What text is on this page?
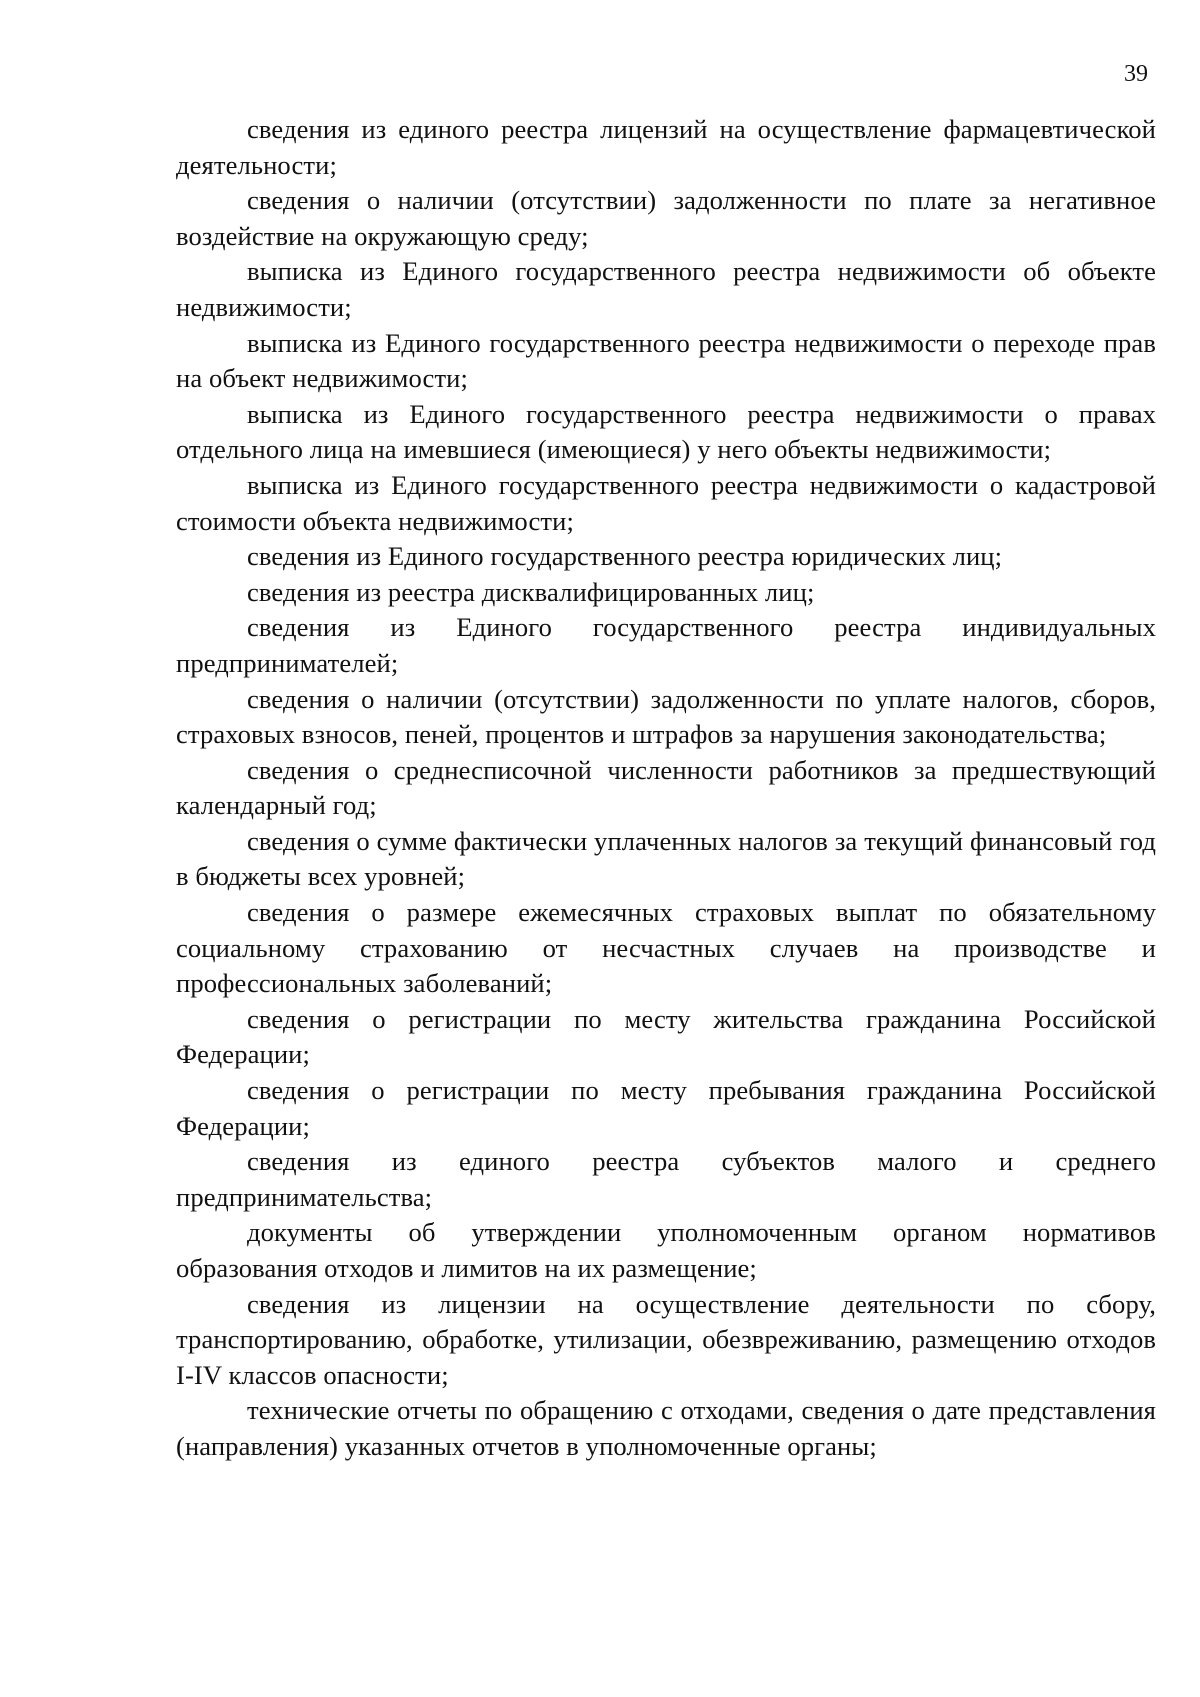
39

сведения из единого реестра лицензий на осуществление фармацевтической деятельности;

сведения о наличии (отсутствии) задолженности по плате за негативное воздействие на окружающую среду;

выписка из Единого государственного реестра недвижимости об объекте недвижимости;

выписка из Единого государственного реестра недвижимости о переходе прав на объект недвижимости;

выписка из Единого государственного реестра недвижимости о правах отдельного лица на имевшиеся (имеющиеся) у него объекты недвижимости;

выписка из Единого государственного реестра недвижимости о кадастровой стоимости объекта недвижимости;

сведения из Единого государственного реестра юридических лиц;

сведения из реестра дисквалифицированных лиц;

сведения из Единого государственного реестра индивидуальных предпринимателей;

сведения о наличии (отсутствии) задолженности по уплате налогов, сборов, страховых взносов, пеней, процентов и штрафов за нарушения законодательства;

сведения о среднесписочной численности работников за предшествующий календарный год;

сведения о сумме фактически уплаченных налогов за текущий финансовый год в бюджеты всех уровней;

сведения о размере ежемесячных страховых выплат по обязательному социальному страхованию от несчастных случаев на производстве и профессиональных заболеваний;

сведения о регистрации по месту жительства гражданина Российской Федерации;

сведения о регистрации по месту пребывания гражданина Российской Федерации;

сведения из единого реестра субъектов малого и среднего предпринимательства;

документы об утверждении уполномоченным органом нормативов образования отходов и лимитов на их размещение;

сведения из лицензии на осуществление деятельности по сбору, транспортированию, обработке, утилизации, обезвреживанию, размещению отходов I-IV классов опасности;

технические отчеты по обращению с отходами, сведения о дате представления (направления) указанных отчетов в уполномоченные органы;
